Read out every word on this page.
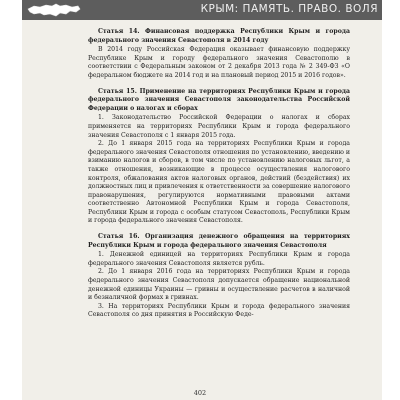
КРЫМ: ПАМЯТЬ. ПРАВО. ВОЛЯ

Статья 14. Финансовая поддержка Республики Крым и города федерального значения Севастополя в 2014 году

В 2014 году Российская Федерация оказывает финансовую поддержку Республике Крым и городу федерального значения Севастополю в соответствии с Федеральным законом от 2 декабря 2013 года № 2 349-ФЗ «О федеральном бюджете на 2014 год и на плановый период 2015 и 2016 годов».

Статья 15. Применение на территориях Республики Крым и города федерального значения Севастополя законодательства Российской Федерации о налогах и сборах

1. Законодательство Российской Федерации о налогах и сборах применяется на территориях Республики Крым и города федерального значения Севастополя с 1 января 2015 года.

2. До 1 января 2015 года на территориях Республики Крым и города федерального значения Севастополя отношения по установлению, введению и взиманию налогов и сборов, в том числе по установлению налоговых льгот, а также отношения, возникающие в процессе осуществления налогового контроля, обжалования актов налоговых органов, действий (бездействия) их должностных лиц и привлечения к ответственности за совершение налогового правонарушения, регулируются нормативными правовыми актами соответственно Автономной Республики Крым и города Севастополя, Республики Крым и города с особым статусом Севастополь, Республики Крым и города федерального значения Севастополя.

Статья 16. Организация денежного обращения на территориях Республики Крым и города федерального значения Севастополя

1. Денежной единицей на территориях Республики Крым и города федерального значения Севастополя является рубль.

2. До 1 января 2016 года на территориях Республики Крым и города федерального значения Севастополя допускается обращение национальной денежной единицы Украины — гривны и осуществление расчетов в наличной и безналичной формах в гривнах.

3. На территориях Республики Крым и города федерального значения Севастополя со дня принятия в Российскую Феде-

402
